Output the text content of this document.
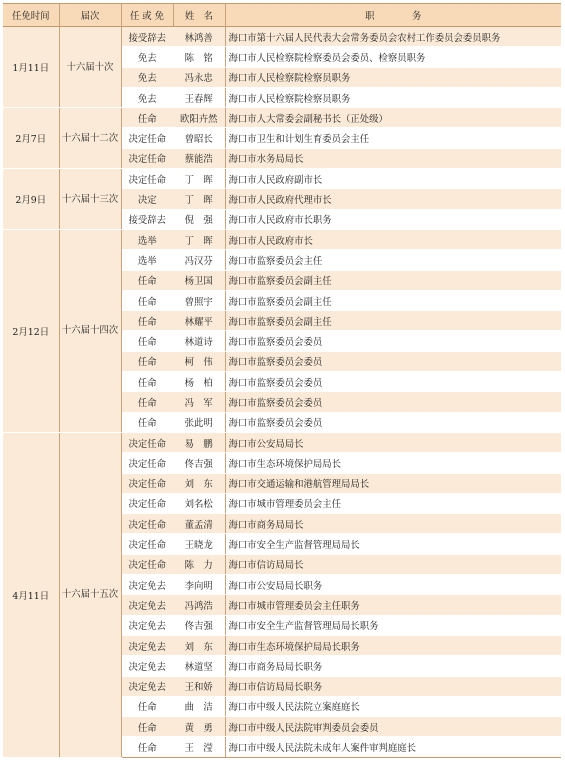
任免时间	届次	任 或 免	姓　名	职　　　　务
1月11日	十六届十次	接受辞去	林鸿善	海口市第十六届人民代表大会常务委员会农村工作委员会委员职务
		免去	陈　铭	海口市人民检察院检察委员会委员、检察员职务
		免去	冯永忠	海口市人民检察院检察员职务
		免去	王春辉	海口市人民检察院检察员职务
2月7日	十六届十二次	任命	欧阳卉然	海口市人大常委会副秘书长（正处级）
		决定任命	曾昭长	海口市卫生和计划生育委员会主任
		决定任命	蔡能浩	海口市水务局局长
2月9日	十六届十三次	决定任命	丁　晖	海口市人民政府副市长
		决定	丁　晖	海口市人民政府代理市长
		接受辞去	倪　强	海口市人民政府市长职务
2月12日	十六届十四次	选举	丁　晖	海口市人民政府市长
		选举	冯汉芬	海口市监察委员会主任
		任命	杨卫国	海口市监察委员会副主任
		任命	曾照宇	海口市监察委员会副主任
		任命	林耀平	海口市监察委员会副主任
		任命	林道诗	海口市监察委员会委员
		任命	柯　伟	海口市监察委员会委员
		任命	杨　柏	海口市监察委员会委员
		任命	冯　军	海口市监察委员会委员
		任命	张此明	海口市监察委员会委员
4月11日	十六届十五次	决定任命	易　鹏	海口市公安局局长
		决定任命	佟吉强	海口市生态环境保护局局长
		决定任命	刘　东	海口市交通运输和港航管理局局长
		决定任命	刘名松	海口市城市管理委员会主任
		决定任命	董孟清	海口市商务局局长
		决定任命	王晓龙	海口市安全生产监督管理局局长
		决定任命	陈　力	海口市信访局局长
		决定免去	李向明	海口市公安局局长职务
		决定免去	冯鸿浩	海口市城市管理委员会主任职务
		决定免去	佟吉强	海口市安全生产监督管理局局长职务
		决定免去	刘　东	海口市生态环境保护局局长职务
		决定免去	林道坚	海口市商务局局长职务
		决定免去	王和娇	海口市信访局局长职务
		任命	曲　洁	海口市中级人民法院立案庭庭长
		任命	黄　勇	海口市中级人民法院审判委员会委员
		任命	王　滢	海口市中级人民法院未成年人案件审判庭庭长
